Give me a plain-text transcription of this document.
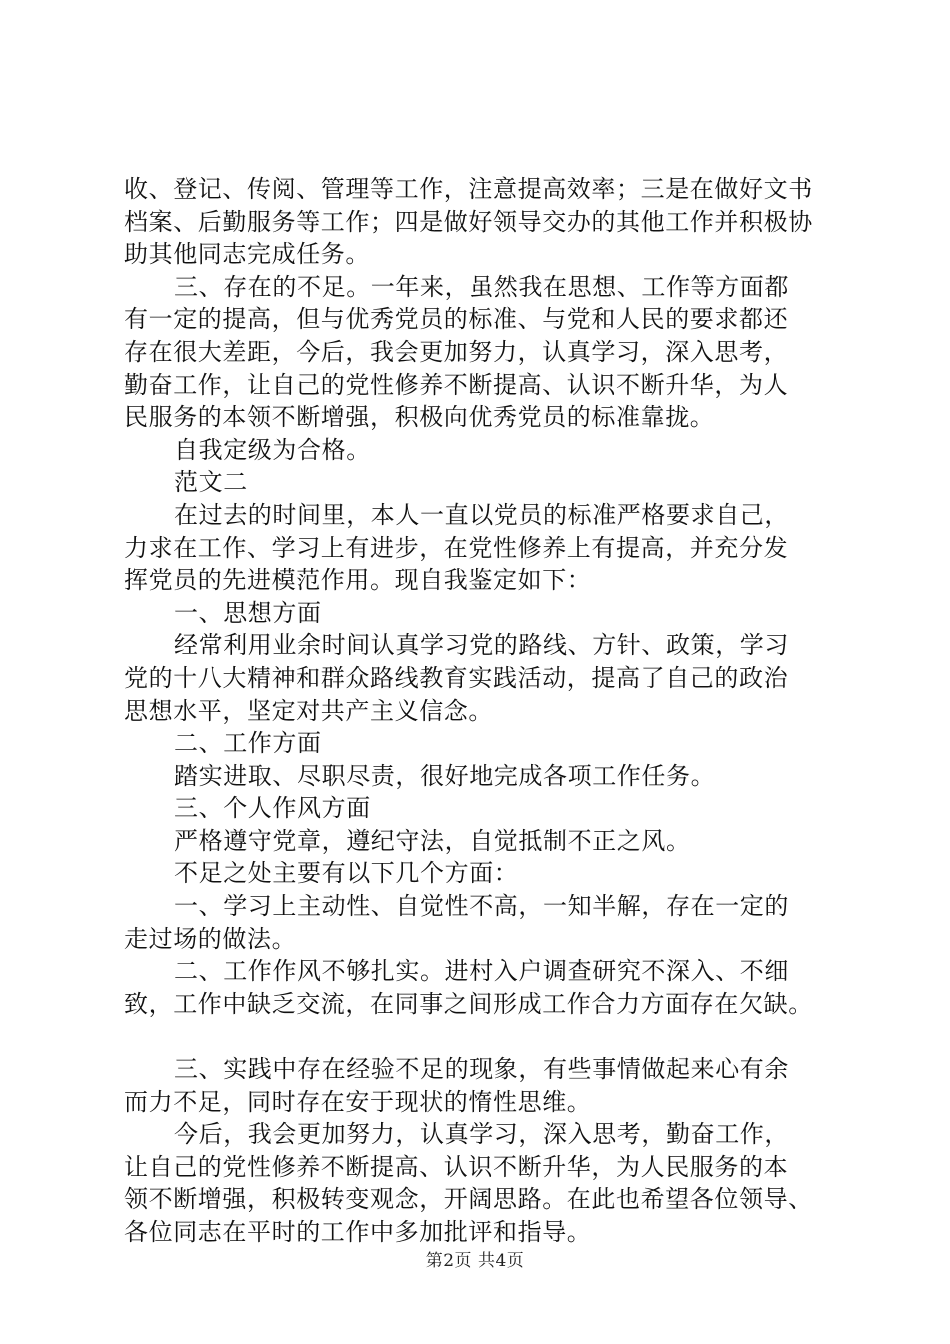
收、登记、传阅、管理等工作，注意提高效率；三是在做好文书
档案、后勤服务等工作；四是做好领导交办的其他工作并积极协
助其他同志完成任务。
三、存在的不足。一年来，虽然我在思想、工作等方面都
有一定的提高，但与优秀党员的标准、与党和人民的要求都还
存在很大差距，今后，我会更加努力，认真学习，深入思考，
勤奋工作，让自己的党性修养不断提高、认识不断升华，为人
民服务的本领不断增强，积极向优秀党员的标准靠拢。
自我定级为合格。
范文二
在过去的时间里，本人一直以党员的标准严格要求自己，
力求在工作、学习上有进步，在党性修养上有提高，并充分发
挥党员的先进模范作用。现自我鉴定如下：
一、思想方面
经常利用业余时间认真学习党的路线、方针、政策，学习
党的十八大精神和群众路线教育实践活动，提高了自己的政治
思想水平，坚定对共产主义信念。
二、工作方面
踏实进取、尽职尽责，很好地完成各项工作任务。
三、个人作风方面
严格遵守党章，遵纪守法，自觉抵制不正之风。
不足之处主要有以下几个方面：
一、学习上主动性、自觉性不高，一知半解，存在一定的
走过场的做法。
二、工作作风不够扎实。进村入户调查研究不深入、不细
致，工作中缺乏交流，在同事之间形成工作合力方面存在欠缺。
三、实践中存在经验不足的现象，有些事情做起来心有余
而力不足，同时存在安于现状的惰性思维。
今后，我会更加努力，认真学习，深入思考，勤奋工作，
让自己的党性修养不断提高、认识不断升华，为人民服务的本
领不断增强，积极转变观念，开阔思路。在此也希望各位领导、
各位同志在平时的工作中多加批评和指导。
第2页 共4页
